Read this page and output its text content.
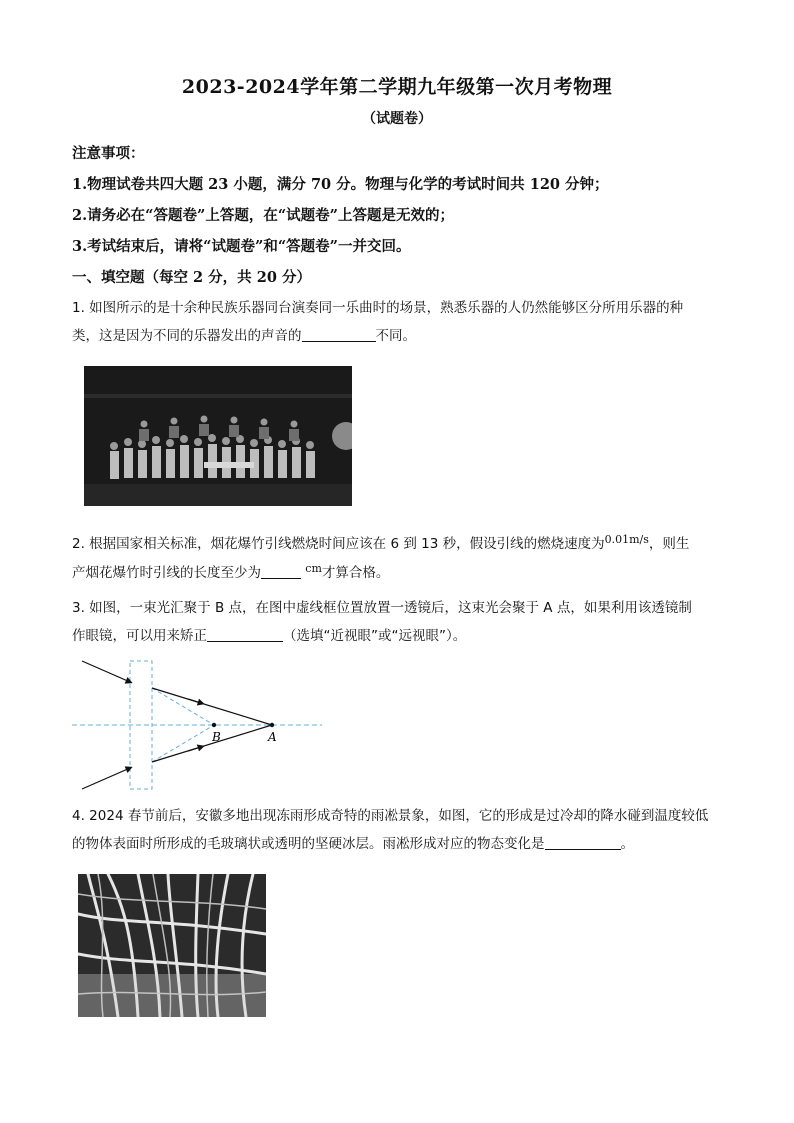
2023-2024学年第二学期九年级第一次月考物理
（试题卷）
注意事项：
1.物理试卷共四大题 23 小题，满分 70 分。物理与化学的考试时间共 120 分钟；
2.请务必在“答题卷”上答题，在“试题卷”上答题是无效的；
3.考试结束后，请将“试题卷”和“答题卷”一并交回。
一、填空题（每空 2 分，共 20 分）
1. 如图所示的是十余种民族乐器同台演奏同一乐曲时的场景，熟悉乐器的人仍然能够区分所用乐器的种
类，这是因为不同的乐器发出的声音的	不同。
2. 根据国家相关标准，烟花爆竹引线燃烧时间应该在 6 到 13 秒，假设引线的燃烧速度为$^{0.01m/s}$，则生
产烟花爆竹时引线的长度至少为	$^{cm}$才算合格。
3. 如图，一束光汇聚于 B 点，在图中虚线框位置放置一透镜后，这束光会聚于 A 点，如果利用该透镜制
作眼镜，可以用来矫正	（选填“近视眼”或“远视眼”）。
B	A
4. 2024 春节前后，安徽多地出现冻雨形成奇特的雨凇景象，如图，它的形成是过冷却的降水碰到温度较低
的物体表面时所形成的毛玻璃状或透明的坚硬冰层。雨凇形成对应的物态变化是	。
